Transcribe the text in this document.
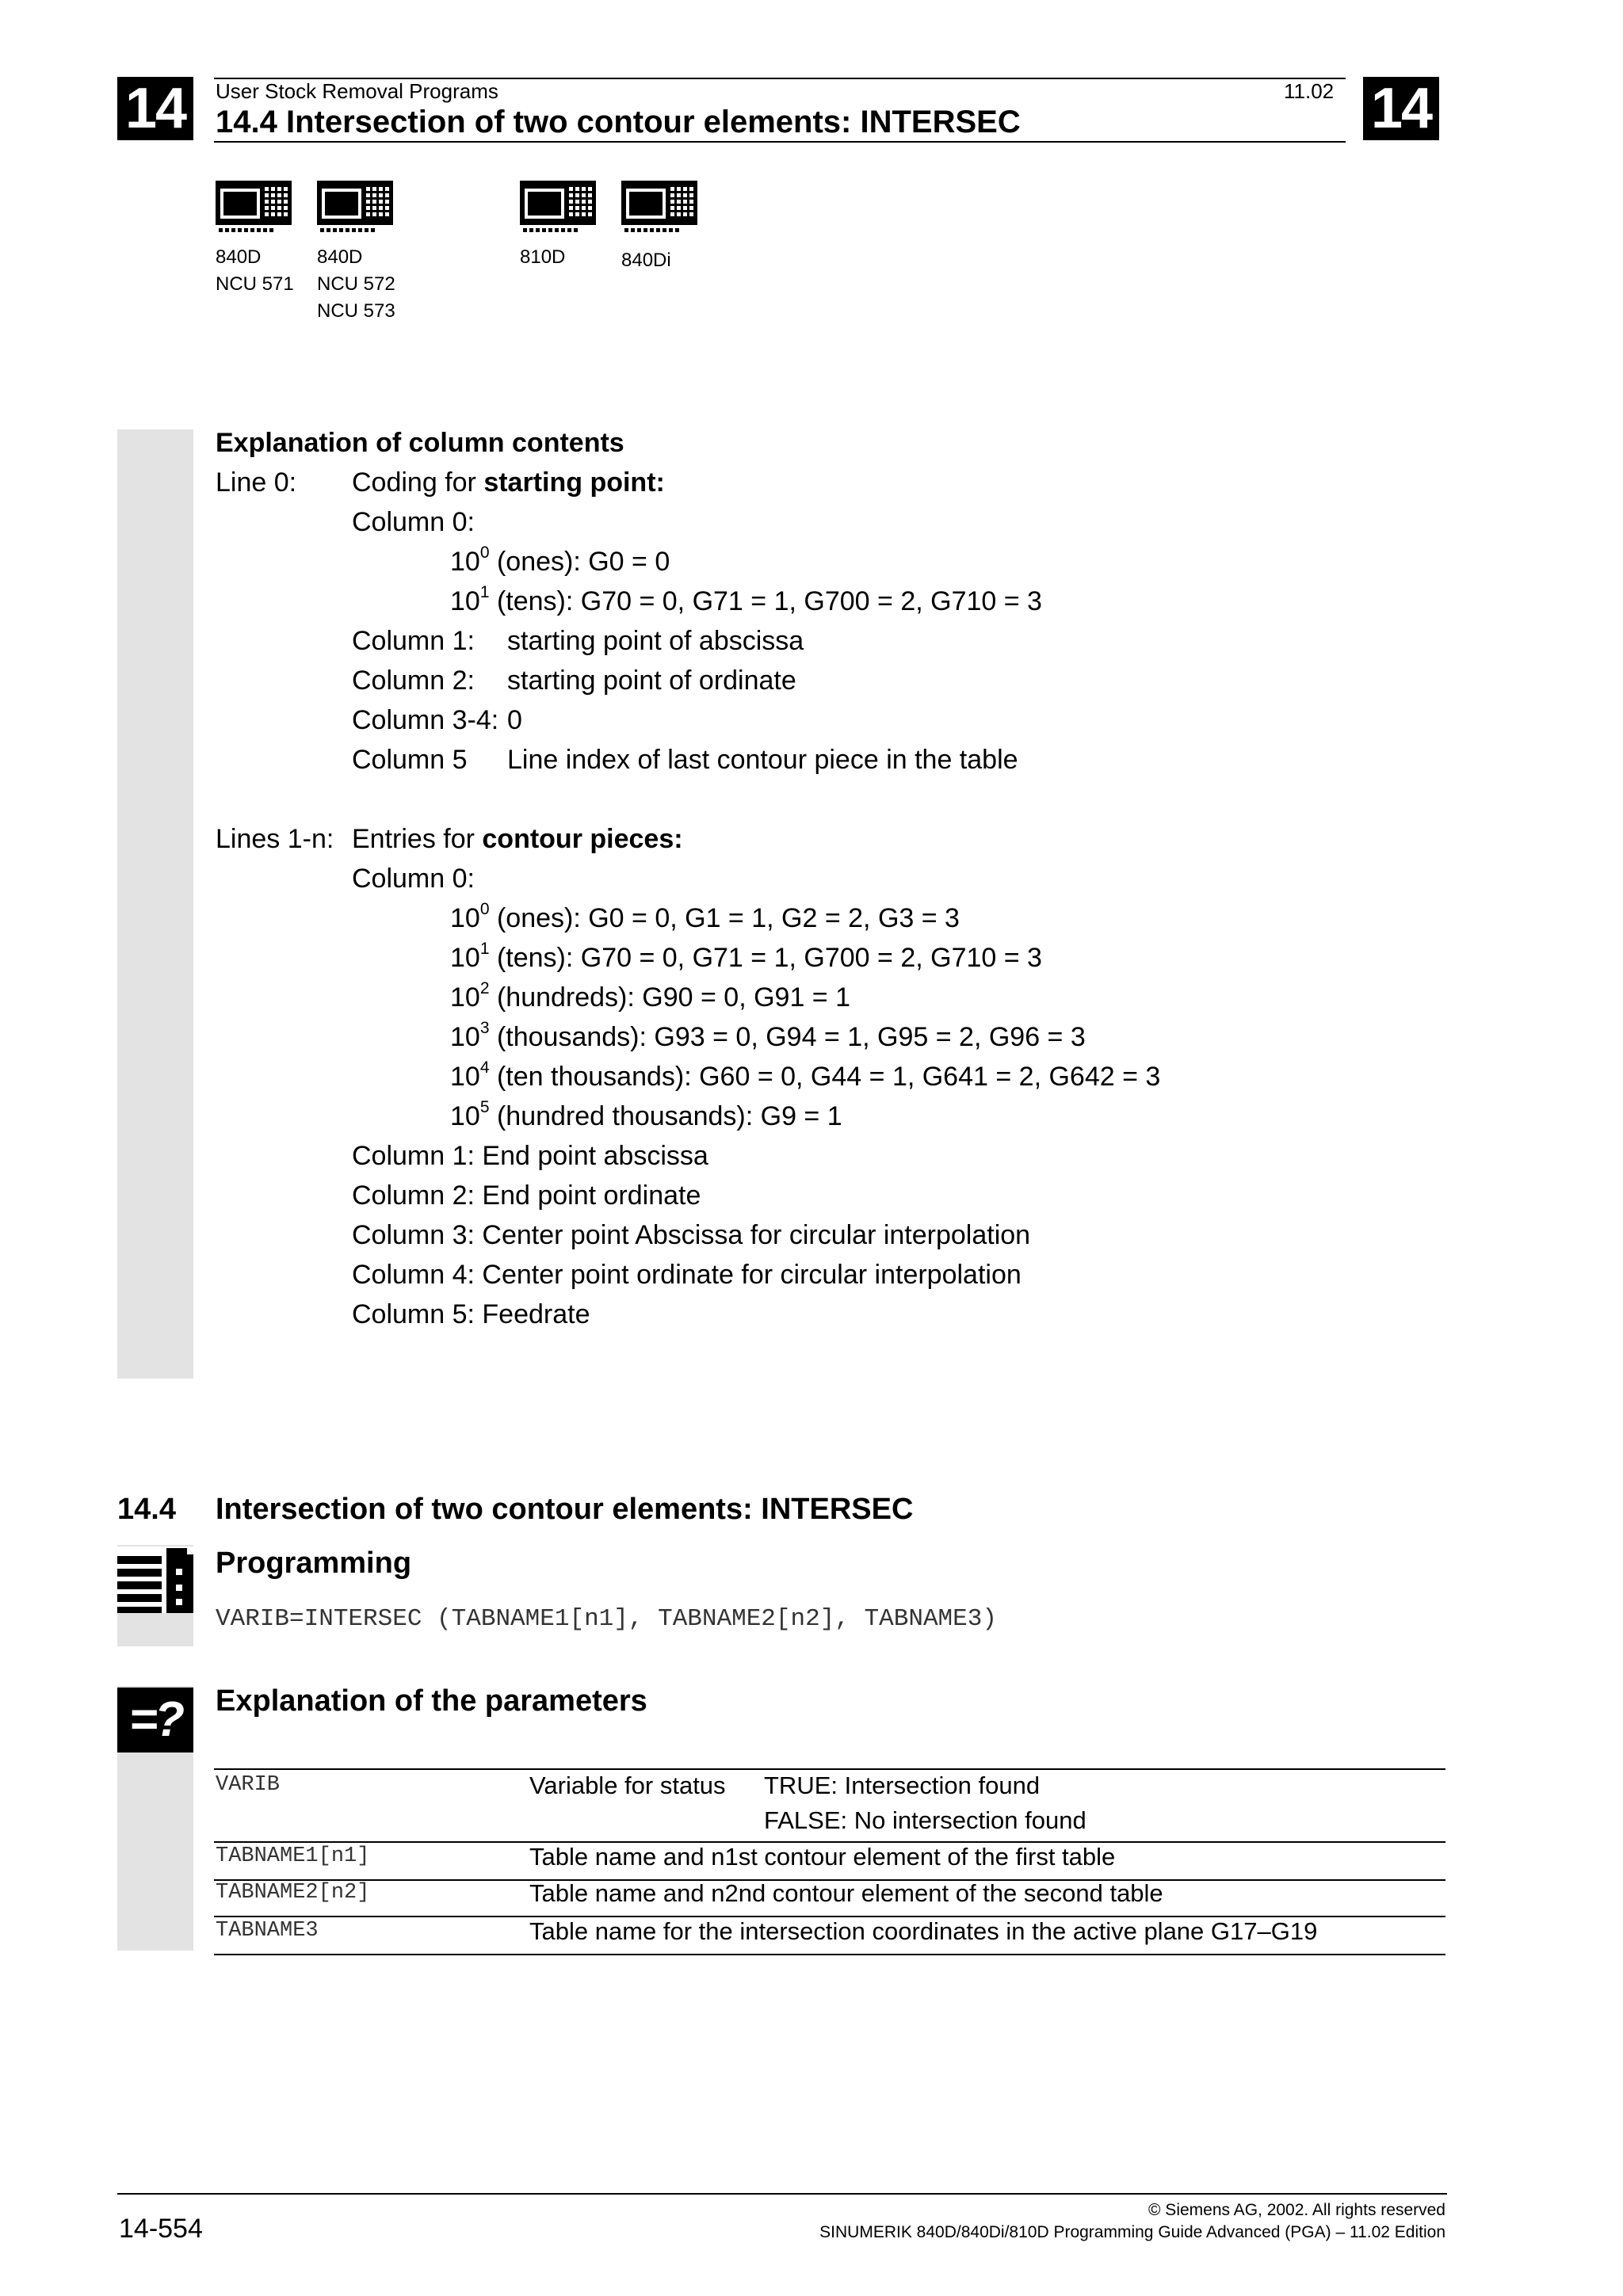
14	14
User Stock Removal Programs	11.02
14.4 Intersection of two contour elements: INTERSEC
840D
NCU 571
840D
NCU 572
NCU 573
810D	840Di
Explanation of column contents
Line 0: Coding for starting point:
Column 0:
$10^0$ (ones): G0 = 0
$10^1$ (tens): G70 = 0, G71 = 1, G700 = 2, G710 = 3
Column 1: starting point of abscissa
Column 2: starting point of ordinate
Column 3-4: 0
Column 5 Line index of last contour piece in the table
Lines 1-n: Entries for contour pieces:
Column 0:
$10^0$ (ones): G0 = 0, G1 = 1, G2 = 2, G3 = 3
$10^1$ (tens): G70 = 0, G71 = 1, G700 = 2, G710 = 3
$10^2$ (hundreds): G90 = 0, G91 = 1
$10^3$ (thousands): G93 = 0, G94 = 1, G95 = 2, G96 = 3
$10^4$ (ten thousands): G60 = 0, G44 = 1, G641 = 2, G642 = 3
$10^5$ (hundred thousands): G9 = 1
Column 1: End point abscissa
Column 2: End point ordinate
Column 3: Center point Abscissa for circular interpolation
Column 4: Center point ordinate for circular interpolation
Column 5: Feedrate
14.4 Intersection of two contour elements: INTERSEC
Programming
VARIB=INTERSEC (TABNAME1[n1], TABNAME2[n2], TABNAME3)
=?	Explanation of the parameters
VARIB	Variable for status TRUE: Intersection found
FALSE: No intersection found
TABNAME1[n1]	Table name and n1st contour element of the first table
TABNAME2[n2]	Table name and n2nd contour element of the second table
TABNAME3	Table name for the intersection coordinates in the active plane G17–G19
14-554
© Siemens AG, 2002. All rights reserved
SINUMERIK 840D/840Di/810D Programming Guide Advanced (PGA) – 11.02 Edition
